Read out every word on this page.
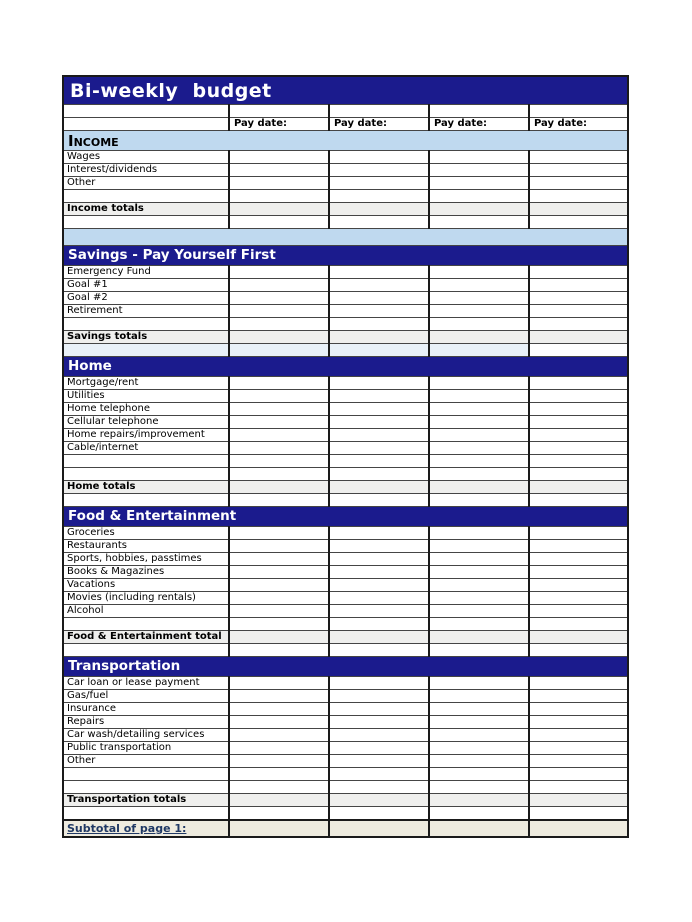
Bi-weekly  budget				

	Pay date:	Pay date:	Pay date:	Pay date:
Income				
Wages				
Interest/dividends				
Other				

Income totals				

Savings - Pay Yourself First				
Emergency Fund				
Goal #1				
Goal #2				
Retirement				

Savings totals				

Home				
Mortgage/rent				
Utilities				
Home telephone				
Cellular telephone				
Home repairs/improvement				
Cable/internet				

Home totals				

Food & Entertainment				
Groceries				
Restaurants				
Sports, hobbies, passtimes				
Books & Magazines				
Vacations				
Movies (including rentals)				
Alcohol				

Food & Entertainment total				

Transportation				
Car loan or lease payment				
Gas/fuel				
Insurance				
Repairs				
Car wash/detailing services				
Public transportation				
Other				

Transportation totals				

Subtotal of page 1:				
